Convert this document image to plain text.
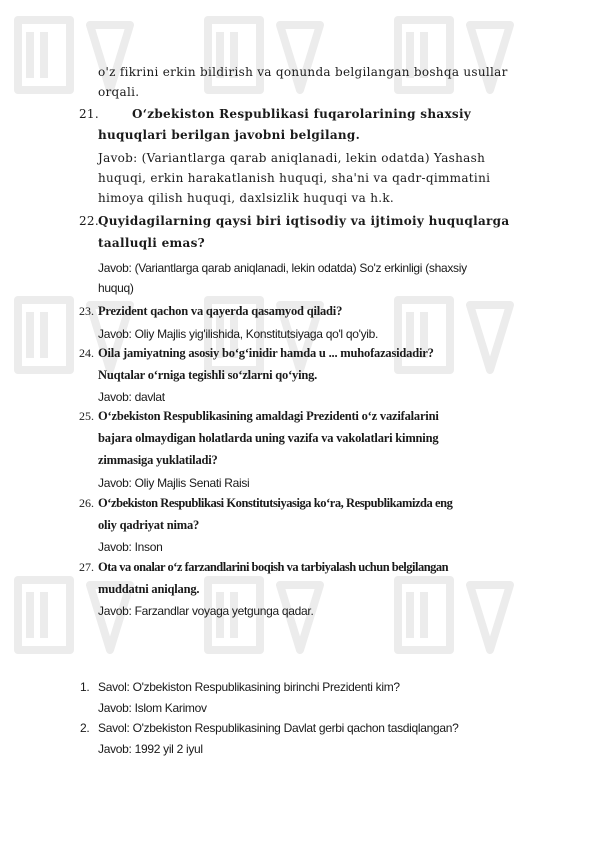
o'z fikrini erkin bildirish va qonunda belgilangan boshqa usullar
orqali.
21.	O‘zbekiston Respublikasi fuqarolarining shaxsiy
huquqlari berilgan javobni belgilang.
Javob: (Variantlarga qarab aniqlanadi, lekin odatda) Yashash
huquqi, erkin harakatlanish huquqi, sha'ni va qadr-qimmatini
himoya qilish huquqi, daxlsizlik huquqi va h.k.
22. Quyidagilarning qaysi biri iqtisodiy va ijtimoiy huquqlarga
taalluqli emas?
Javob: (Variantlarga qarab aniqlanadi, lekin odatda) So'z erkinligi (shaxsiy
huquq)
23. Prezident qachon va qayerda qasamyod qiladi?
Javob: Oliy Majlis yig'ilishida, Konstitutsiyaga qo'l qo'yib.
24. Oila jamiyatning asosiy bo‘g‘inidir hamda u ... muhofazasidadir?
Nuqtalar o‘rniga tegishli so‘zlarni qo‘ying.
Javob: davlat
25. O‘zbekiston Respublikasining amaldagi Prezidenti o‘z vazifalarini
bajara olmaydigan holatlarda uning vazifa va vakolatlari kimning
zimmasiga yuklatiladi?
Javob: Oliy Majlis Senati Raisi
26. O‘zbekiston Respublikasi Konstitutsiyasiga ko‘ra, Respublikamizda eng
oliy qadriyat nima?
Javob: Inson
27. Ota va onalar o‘z farzandlarini boqish va tarbiyalash uchun belgilangan
muddatni aniqlang.
Javob: Farzandlar voyaga yetgunga qadar.
1. Savol: O'zbekiston Respublikasining birinchi Prezidenti kim?
Javob: Islom Karimov
2. Savol: O'zbekiston Respublikasining Davlat gerbi qachon tasdiqlangan?
Javob: 1992 yil 2 iyul
